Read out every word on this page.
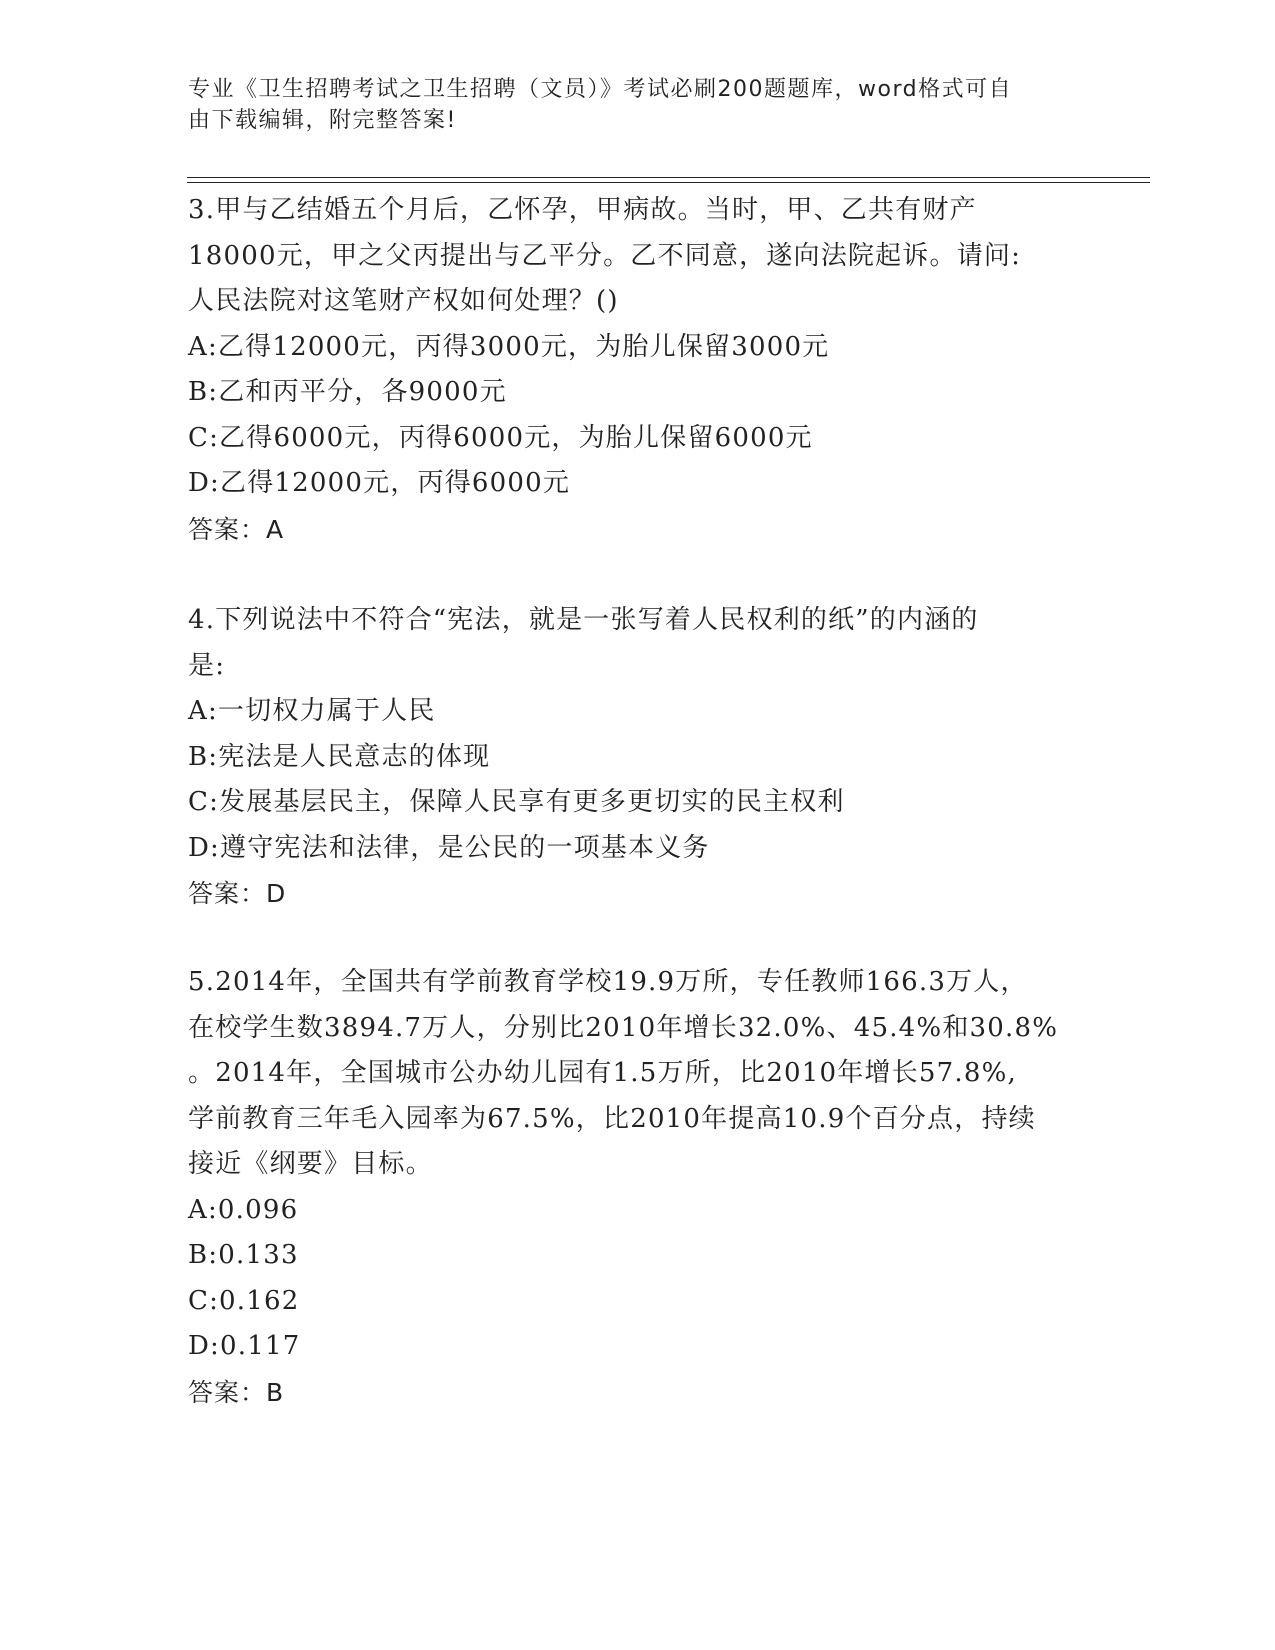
专业《卫生招聘考试之卫生招聘（文员）》考试必刷200题题库，word格式可自
由下载编辑，附完整答案!
3.甲与乙结婚五个月后，乙怀孕，甲病故。当时，甲、乙共有财产
18000元，甲之父丙提出与乙平分。乙不同意，遂向法院起诉。请问:
人民法院对这笔财产权如何处理？()
A:乙得12000元，丙得3000元，为胎儿保留3000元
B:乙和丙平分，各9000元
C:乙得6000元，丙得6000元，为胎儿保留6000元
D:乙得12000元，丙得6000元
答案：A
4.下列说法中不符合“宪法，就是一张写着人民权利的纸”的内涵的
是:
A:一切权力属于人民
B:宪法是人民意志的体现
C:发展基层民主，保障人民享有更多更切实的民主权利
D:遵守宪法和法律，是公民的一项基本义务
答案：D
5.2014年，全国共有学前教育学校19.9万所，专任教师166.3万人，
在校学生数3894.7万人，分别比2010年增长32.0%、45.4%和30.8%
。2014年，全国城市公办幼儿园有1.5万所，比2010年增长57.8%,
学前教育三年毛入园率为67.5%，比2010年提高10.9个百分点，持续
接近《纲要》目标。
A:0.096
B:0.133
C:0.162
D:0.117
答案：B
